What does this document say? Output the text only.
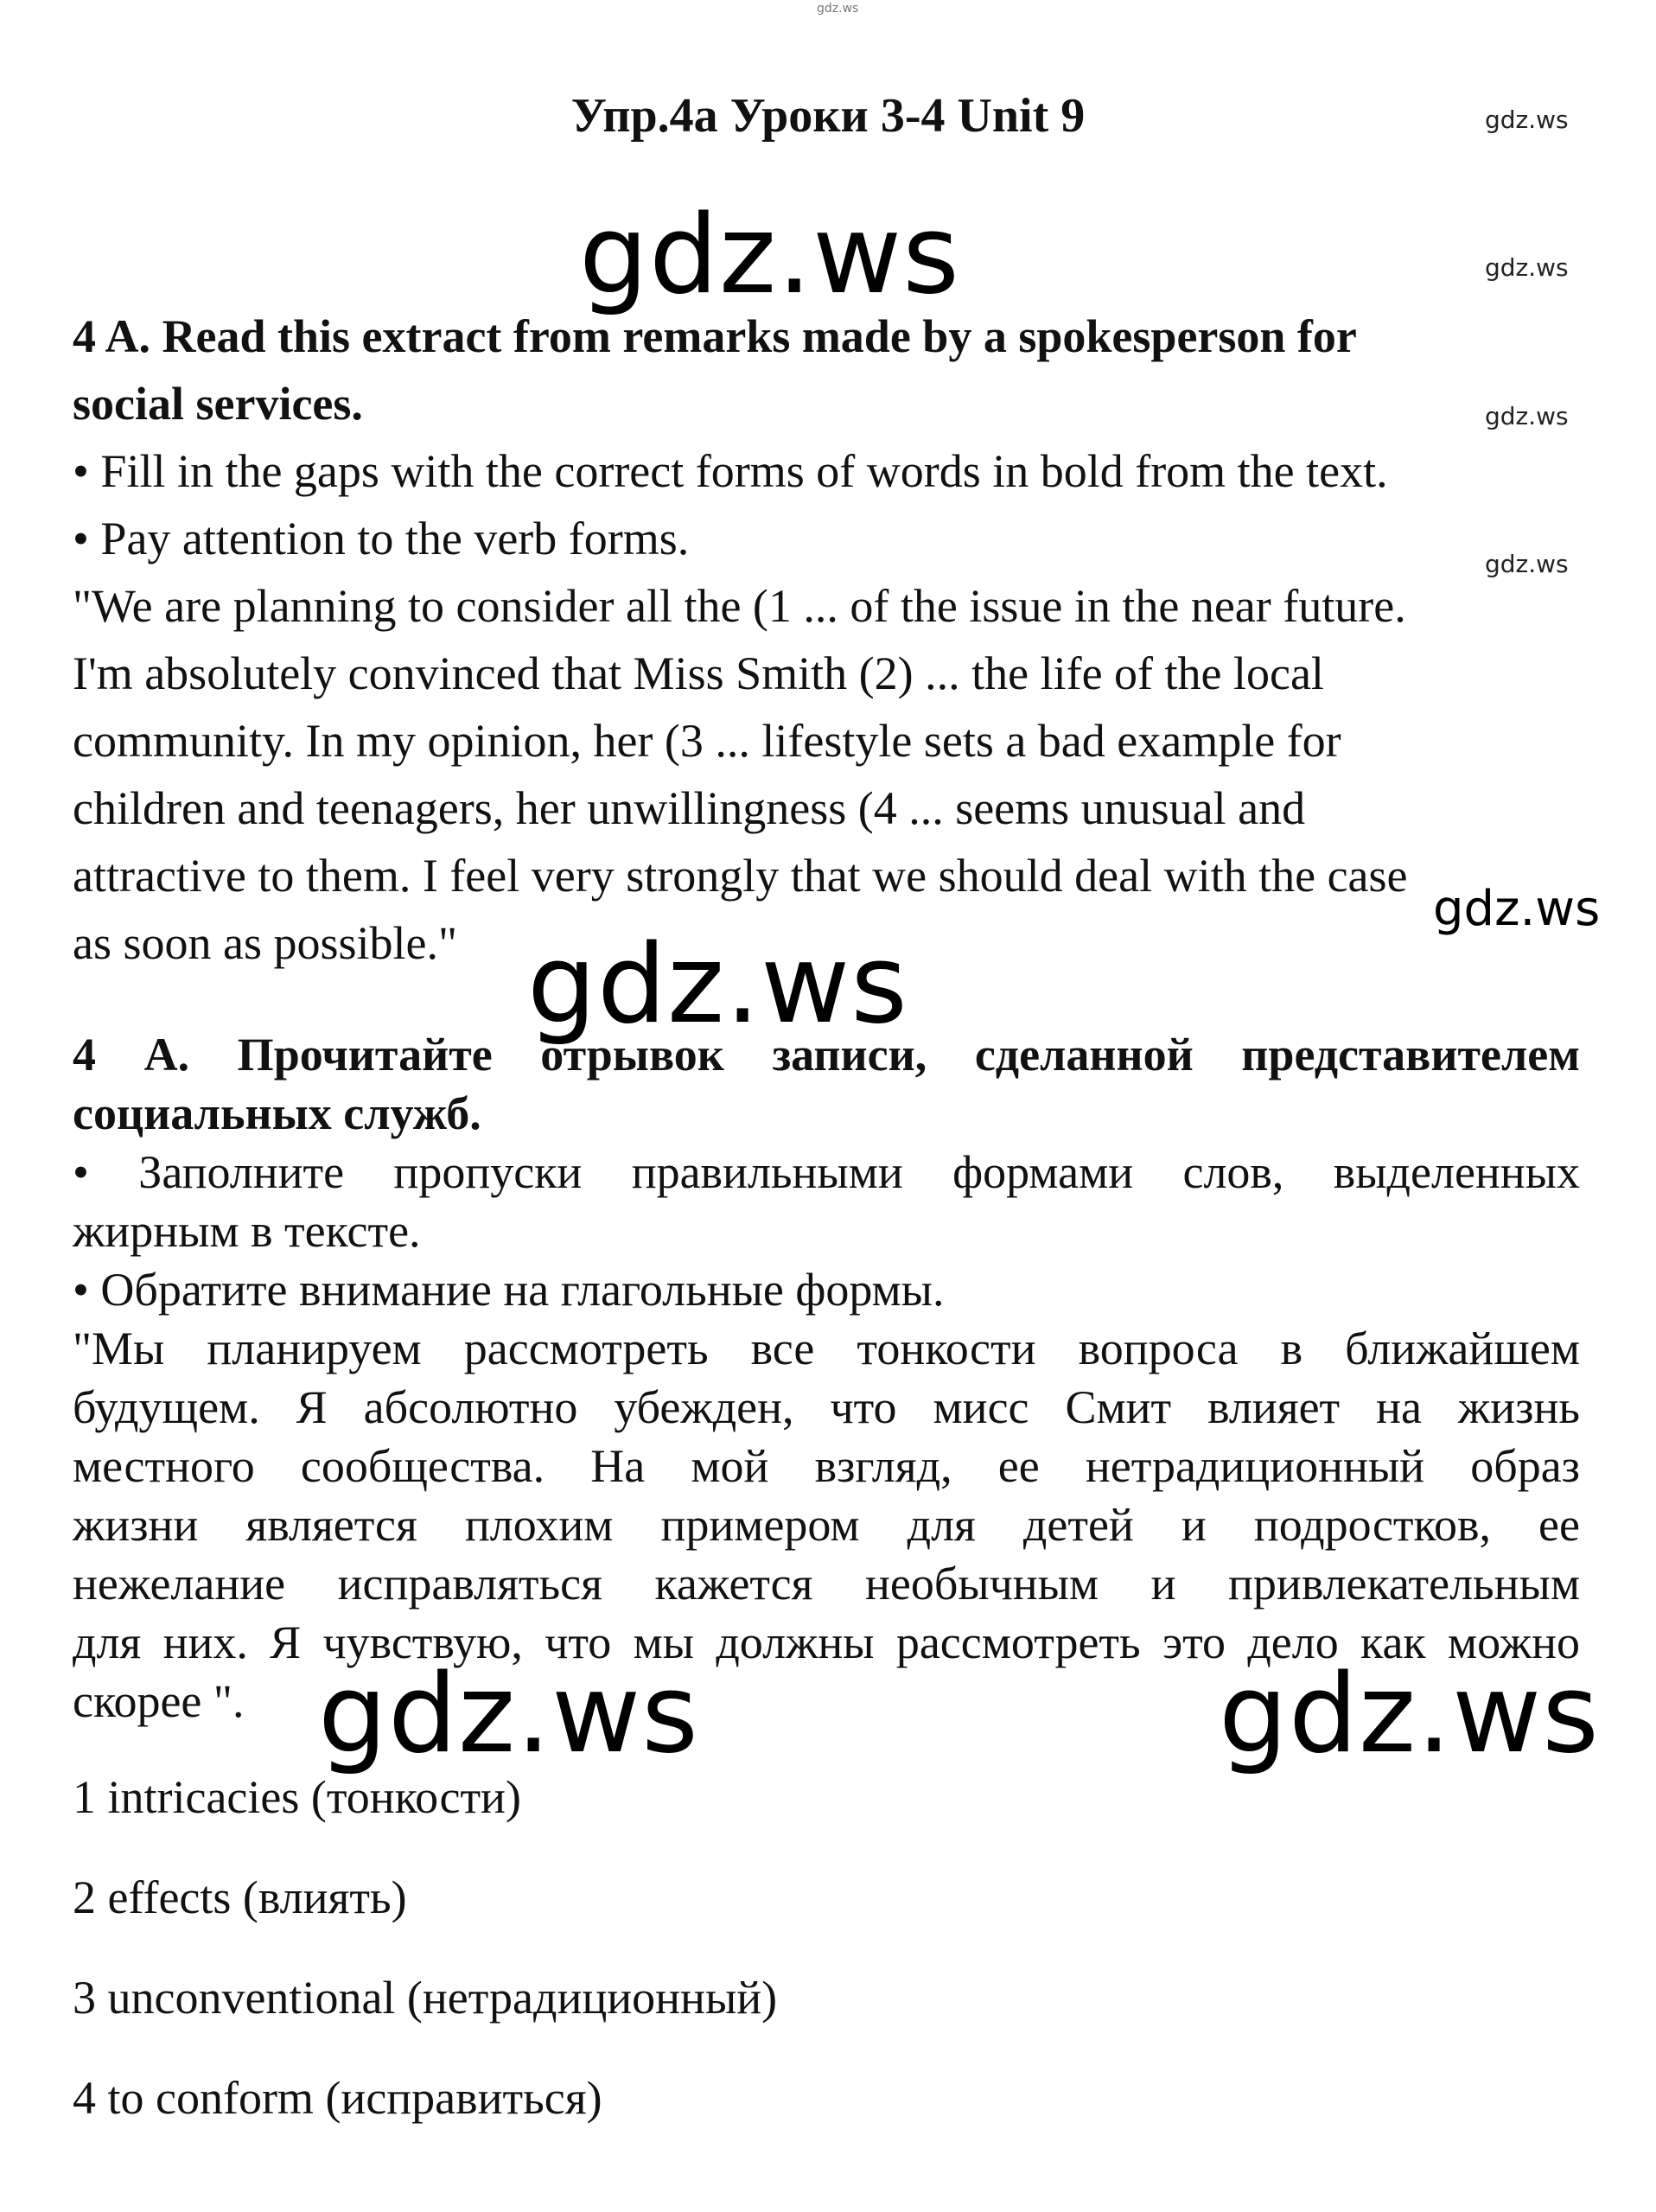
gdz.ws
Упр.4а Уроки 3-4 Unit 9	gdz.ws
gdz.ws
gdz.ws
gdz.ws
gdz.ws
4 A. Read this extract from remarks made by a spokesperson for
social services.
• Fill in the gaps with the correct forms of words in bold from the text.
• Pay attention to the verb forms.
"We are planning to consider all the (1 ... of the issue in the near future.
I'm absolutely convinced that Miss Smith (2) ... the life of the local
community. In my opinion, her (3 ... lifestyle sets a bad example for
children and teenagers, her unwillingness (4 ... seems unusual and
attractive to them. I feel very strongly that we should deal with the case
as soon as possible."
gdz.ws
gdz.ws
4 А. Прочитайте отрывок записи, сделанной представителем
социальных служб.
• Заполните пропуски правильными формами слов, выделенных
жирным в тексте.
• Обратите внимание на глагольные формы.
"Мы планируем рассмотреть все тонкости вопроса в ближайшем
будущем. Я абсолютно убежден, что мисс Смит влияет на жизнь
местного сообщества. На мой взгляд, ее нетрадиционный образ
жизни является плохим примером для детей и подростков, ее
нежелание исправляться кажется необычным и привлекательным
для них. Я чувствую, что мы должны рассмотреть это дело как можно
скорее ". gdz.ws	gdz.ws
1 intricacies (тонкости)
2 effects (влиять)
3 unconventional (нетрадиционный)
4 to conform (исправиться)
